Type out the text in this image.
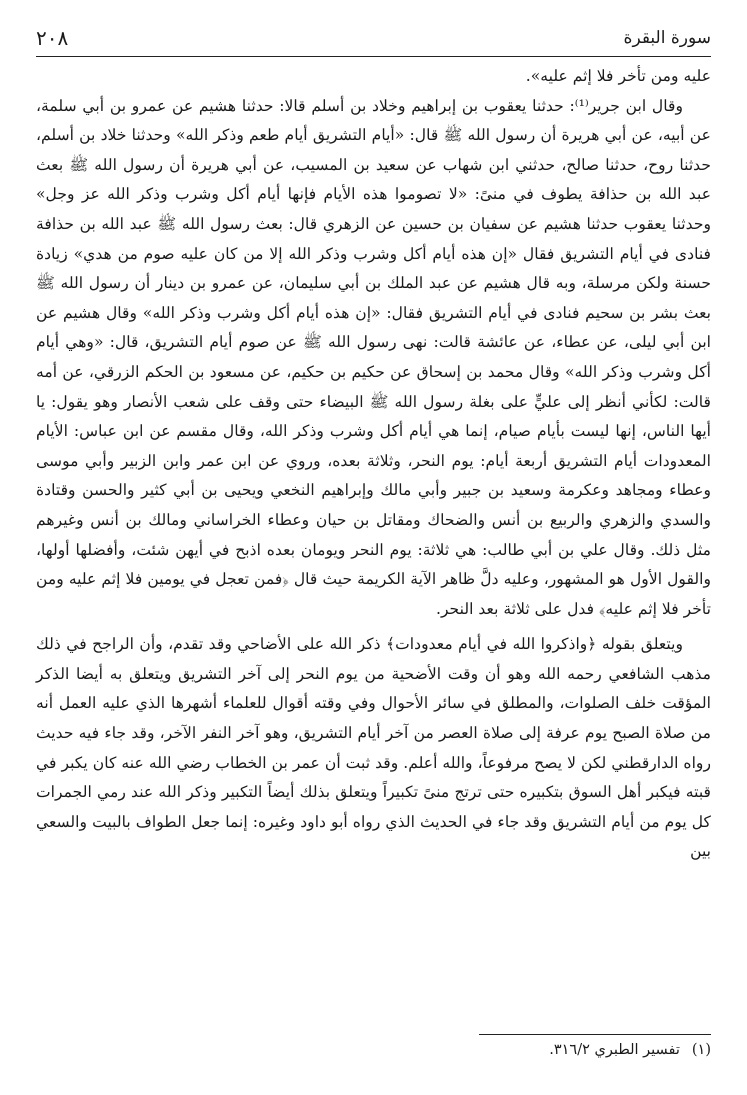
سورة البقرة
٢٠٨

عليه ومن تأخر فلا إثم عليه».

وقال ابن جرير⁽¹⁾: حدثنا يعقوب بن إبراهيم وخلاد بن أسلم قالا: حدثنا هشيم عن عمرو بن أبي سلمة، عن أبيه، عن أبي هريرة أن رسول الله ﷺ قال: «أيام التشريق أيام طعم وذكر الله» وحدثنا خلاد بن أسلم، حدثنا روح، حدثنا صالح، حدثني ابن شهاب عن سعيد بن المسيب، عن أبي هريرة أن رسول الله ﷺ بعث عبد الله بن حذافة يطوف في منىً: «لا تصوموا هذه الأيام فإنها أيام أكل وشرب وذكر الله عز وجل» وحدثنا يعقوب حدثنا هشيم عن سفيان بن حسين عن الزهري قال: بعث رسول الله ﷺ عبد الله بن حذافة فنادى في أيام التشريق فقال «إن هذه أيام أكل وشرب وذكر الله إلا من كان عليه صوم من هدي» زيادة حسنة ولكن مرسلة، وبه قال هشيم عن عبد الملك بن أبي سليمان، عن عمرو بن دينار أن رسول الله ﷺ بعث بشر بن سحيم فنادى في أيام التشريق فقال: «إن هذه أيام أكل وشرب وذكر الله» وقال هشيم عن ابن أبي ليلى، عن عطاء، عن عائشة قالت: نهى رسول الله ﷺ عن صوم أيام التشريق، قال: «وهي أيام أكل وشرب وذكر الله» وقال محمد بن إسحاق عن حكيم بن حكيم، عن مسعود بن الحكم الزرقي، عن أمه قالت: لكأني أنظر إلى عليٍّ على بغلة رسول الله ﷺ البيضاء حتى وقف على شعب الأنصار وهو يقول: يا أيها الناس، إنها ليست بأيام صيام، إنما هي أيام أكل وشرب وذكر الله، وقال مقسم عن ابن عباس: الأيام المعدودات أيام التشريق أربعة أيام: يوم النحر، وثلاثة بعده، وروي عن ابن عمر وابن الزبير وأبي موسى وعطاء ومجاهد وعكرمة وسعيد بن جبير وأبي مالك وإبراهيم النخعي ويحيى بن أبي كثير والحسن وقتادة والسدي والزهري والربيع بن أنس والضحاك ومقاتل بن حيان وعطاء الخراساني ومالك بن أنس وغيرهم مثل ذلك. وقال علي بن أبي طالب: هي ثلاثة: يوم النحر ويومان بعده اذبح في أيهن شئت، وأفضلها أولها، والقول الأول هو المشهور، وعليه دلَّ ظاهر الآية الكريمة حيث قال ﴿فمن تعجل في يومين فلا إثم عليه ومن تأخر فلا إثم عليه﴾ فدل على ثلاثة بعد النحر.

ويتعلق بقوله ﴿واذكروا الله في أيام معدودات﴾ ذكر الله على الأضاحي وقد تقدم، وأن الراجح في ذلك مذهب الشافعي رحمه الله وهو أن وقت الأضحية من يوم النحر إلى آخر التشريق ويتعلق به أيضا الذكر المؤقت خلف الصلوات، والمطلق في سائر الأحوال وفي وقته أقوال للعلماء أشهرها الذي عليه العمل أنه من صلاة الصبح يوم عرفة إلى صلاة العصر من آخر أيام التشريق، وهو آخر النفر الآخر، وقد جاء فيه حديث رواه الدارقطني لكن لا يصح مرفوعاً، والله أعلم. وقد ثبت أن عمر بن الخطاب رضي الله عنه كان يكبر في قبته فيكبر أهل السوق بتكبيره حتى ترتج منىً تكبيراً ويتعلق بذلك أيضاً التكبير وذكر الله عند رمي الجمرات كل يوم من أيام التشريق وقد جاء في الحديث الذي رواه أبو داود وغيره: إنما جعل الطواف بالبيت والسعي بين

(١)تفسير الطبري ٣١٦/٢.
